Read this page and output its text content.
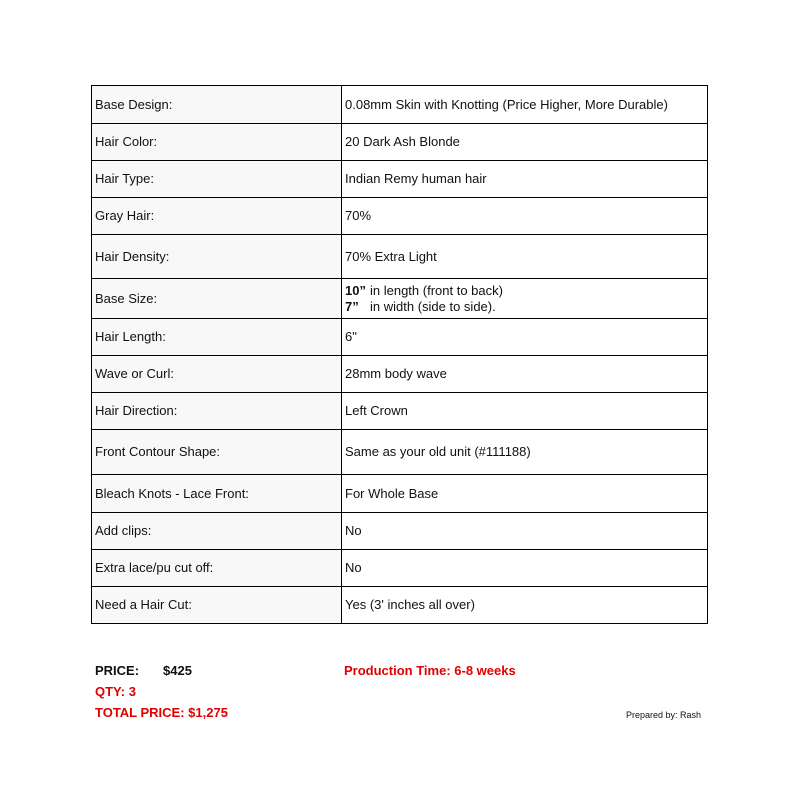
Base Design:	0.08mm Skin with Knotting (Price Higher, More Durable)
Hair Color:	20 Dark Ash Blonde
Hair Type:	Indian Remy human hair
Gray Hair:	70%
Hair Density:	70% Extra Light
Base Size:	10” in length (front to back)
7” in width (side to side).

Hair Length:	6"
Wave or Curl:	28mm body wave
Hair Direction:	Left Crown
Front Contour Shape:	Same as your old unit (#111188)
Bleach Knots - Lace Front:	For Whole Base
Add clips:	No
Extra lace/pu cut off:	No
Need a Hair Cut:	Yes (3' inches all over)
PRICE: $425
QTY: 3
TOTAL PRICE: $1,275
Production Time: 6-8 weeks
Prepared by: Rash
